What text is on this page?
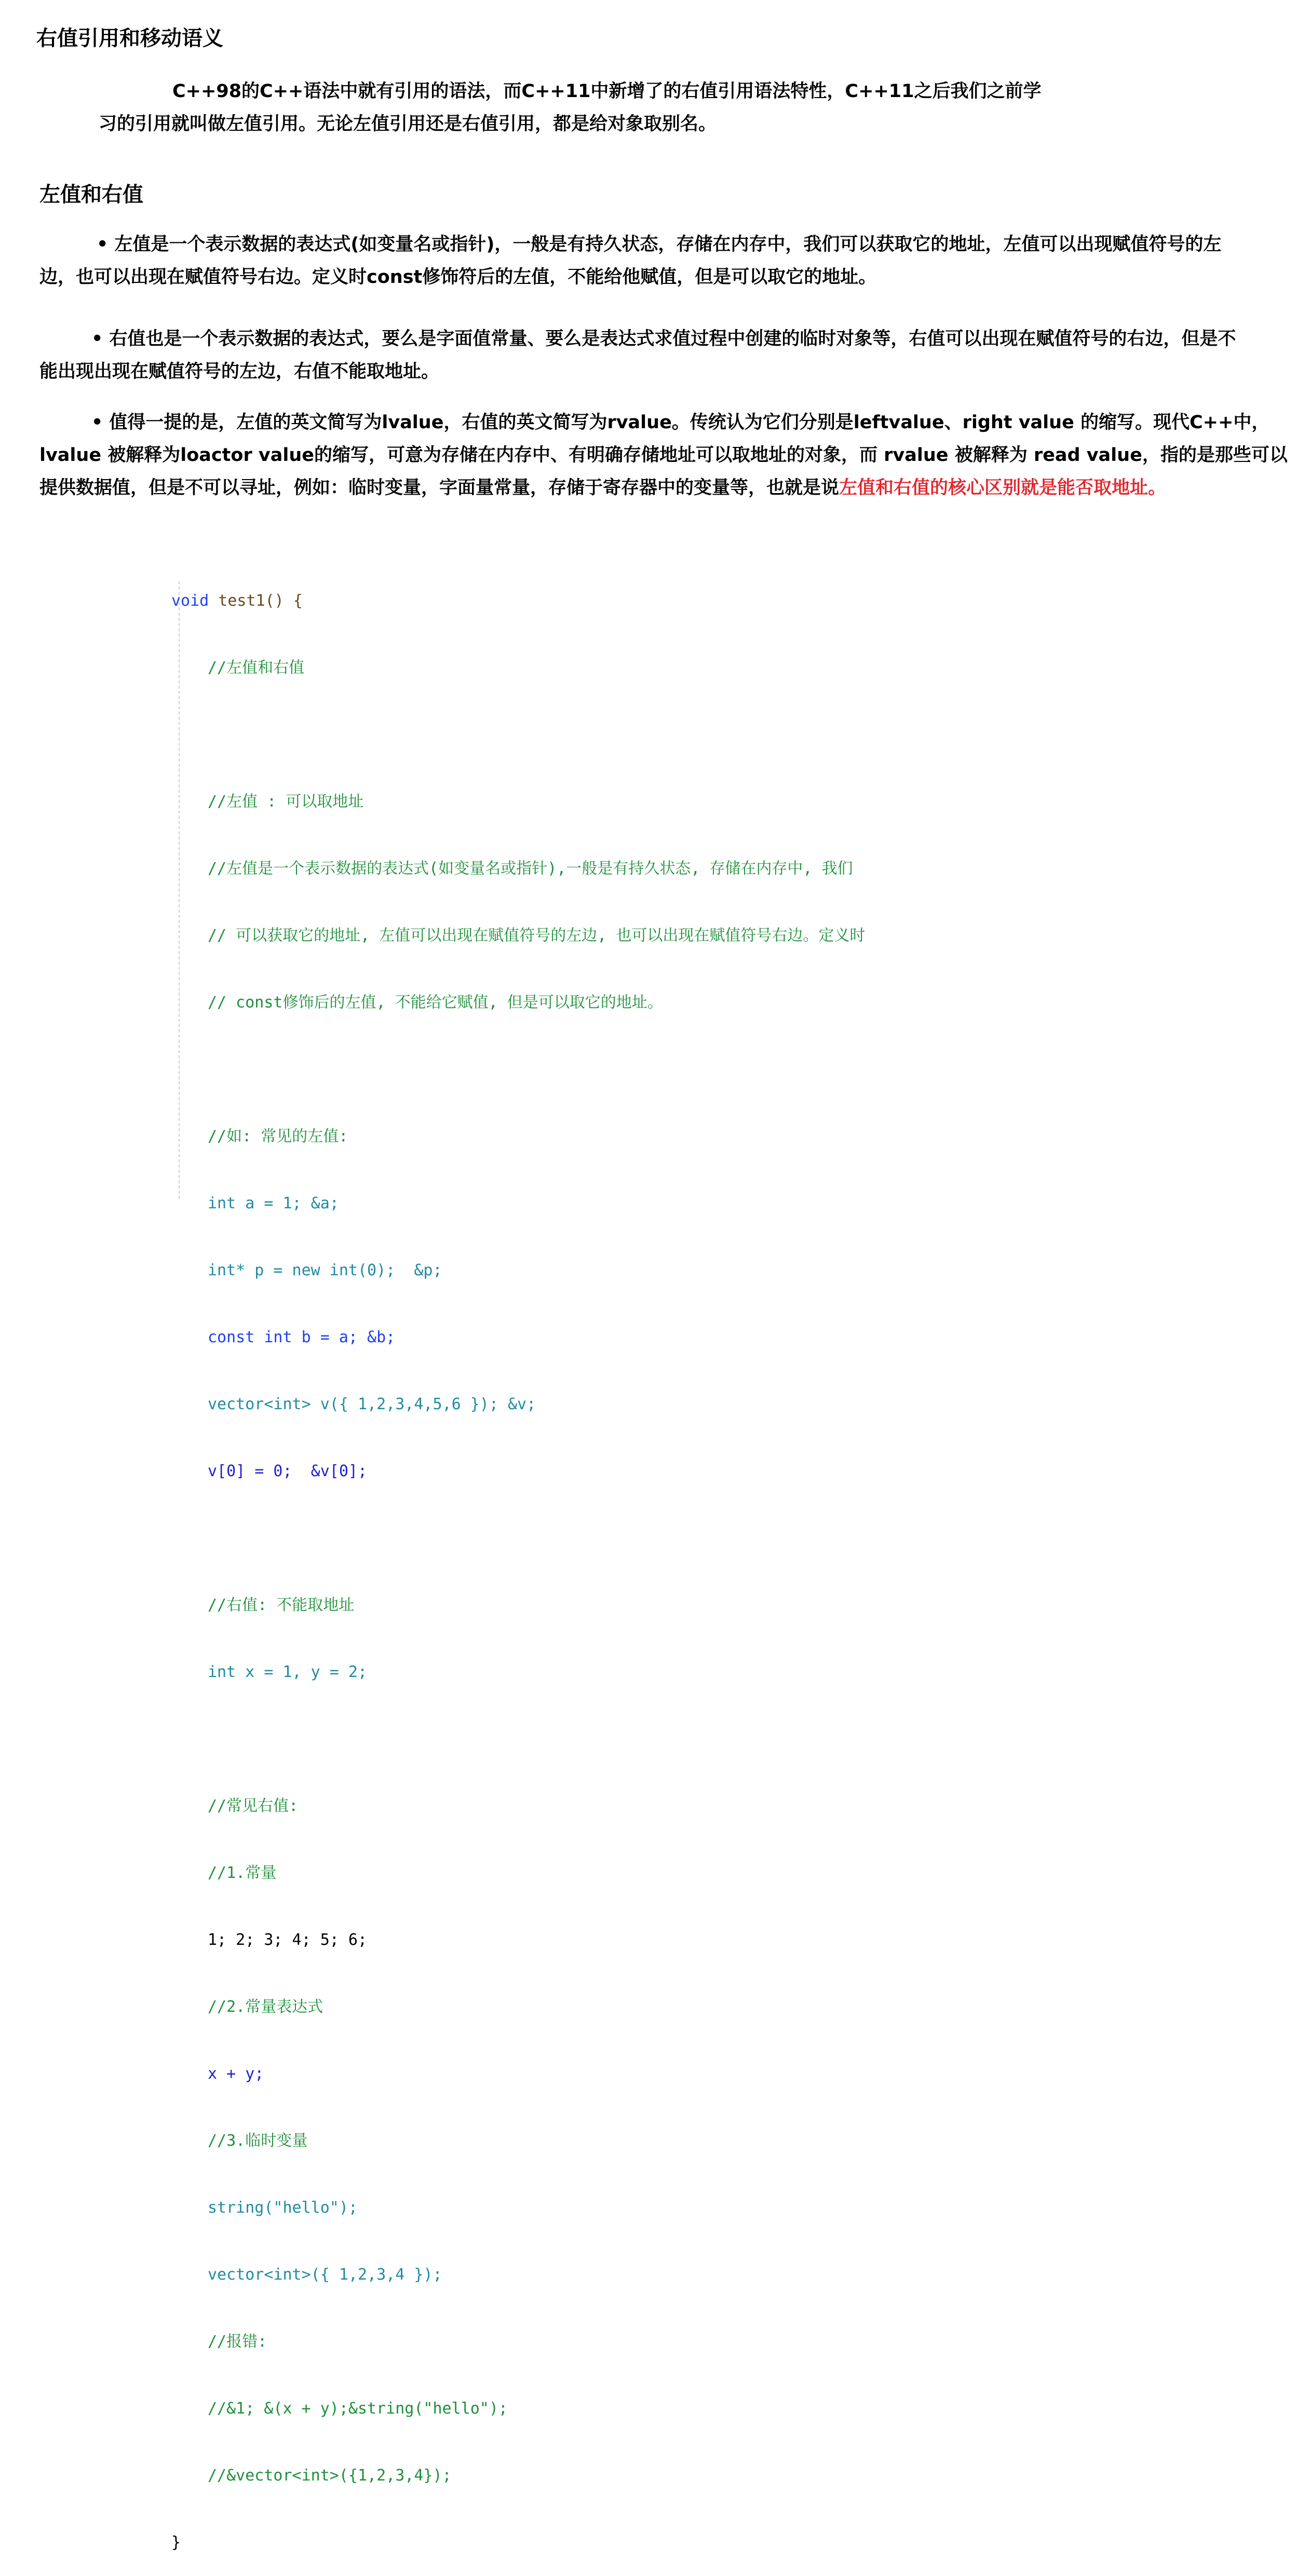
右值引用和移动语义
C++98的C++语法中就有引用的语法，而C++11中新增了的右值引用语法特性，C++11之后我们之前学
习的引用就叫做左值引用。无论左值引用还是右值引用，都是给对象取别名。
左值和右值
• 左值是一个表示数据的表达式(如变量名或指针)，一般是有持久状态，存储在内存中，我们可以获取它的地址，左值可以出现赋值符号的左
边，也可以出现在赋值符号右边。定义时const修饰符后的左值，不能给他赋值，但是可以取它的地址。
• 右值也是一个表示数据的表达式，要么是字面值常量、要么是表达式求值过程中创建的临时对象等，右值可以出现在赋值符号的右边，但是不
能出现出现在赋值符号的左边，右值不能取地址。
• 值得一提的是，左值的英文简写为lvalue，右值的英文简写为rvalue。传统认为它们分别是leftvalue、right value 的缩写。现代C++中，
lvalue 被解释为loactor value的缩写，可意为存储在内存中、有明确存储地址可以取地址的对象，而 rvalue 被解释为 read value，指的是那些可以
提供数据值，但是不可以寻址，例如：临时变量，字面量常量，存储于寄存器中的变量等，也就是说左值和右值的核心区别就是能否取地址。

void test1() {

//左值和右值

//左值 : 可以取地址

//左值是一个表示数据的表达式(如变量名或指针),一般是有持久状态, 存储在内存中, 我们

// 可以获取它的地址, 左值可以出现在赋值符号的左边, 也可以出现在赋值符号右边。定义时

// const修饰后的左值, 不能给它赋值, 但是可以取它的地址。

//如: 常见的左值:

int a = 1; &a;

int* p = new int(0);  &p;

const int b = a; &b;

vector<int> v({ 1,2,3,4,5,6 }); &v;

v[0] = 0;  &v[0];

//右值: 不能取地址

int x = 1, y = 2;

//常见右值:

//1.常量

1; 2; 3; 4; 5; 6;

//2.常量表达式

x + y;

//3.临时变量

string("hello");

vector<int>({ 1,2,3,4 });

//报错:

//&1; &(x + y);&string("hello");

//&vector<int>({1,2,3,4});

}
